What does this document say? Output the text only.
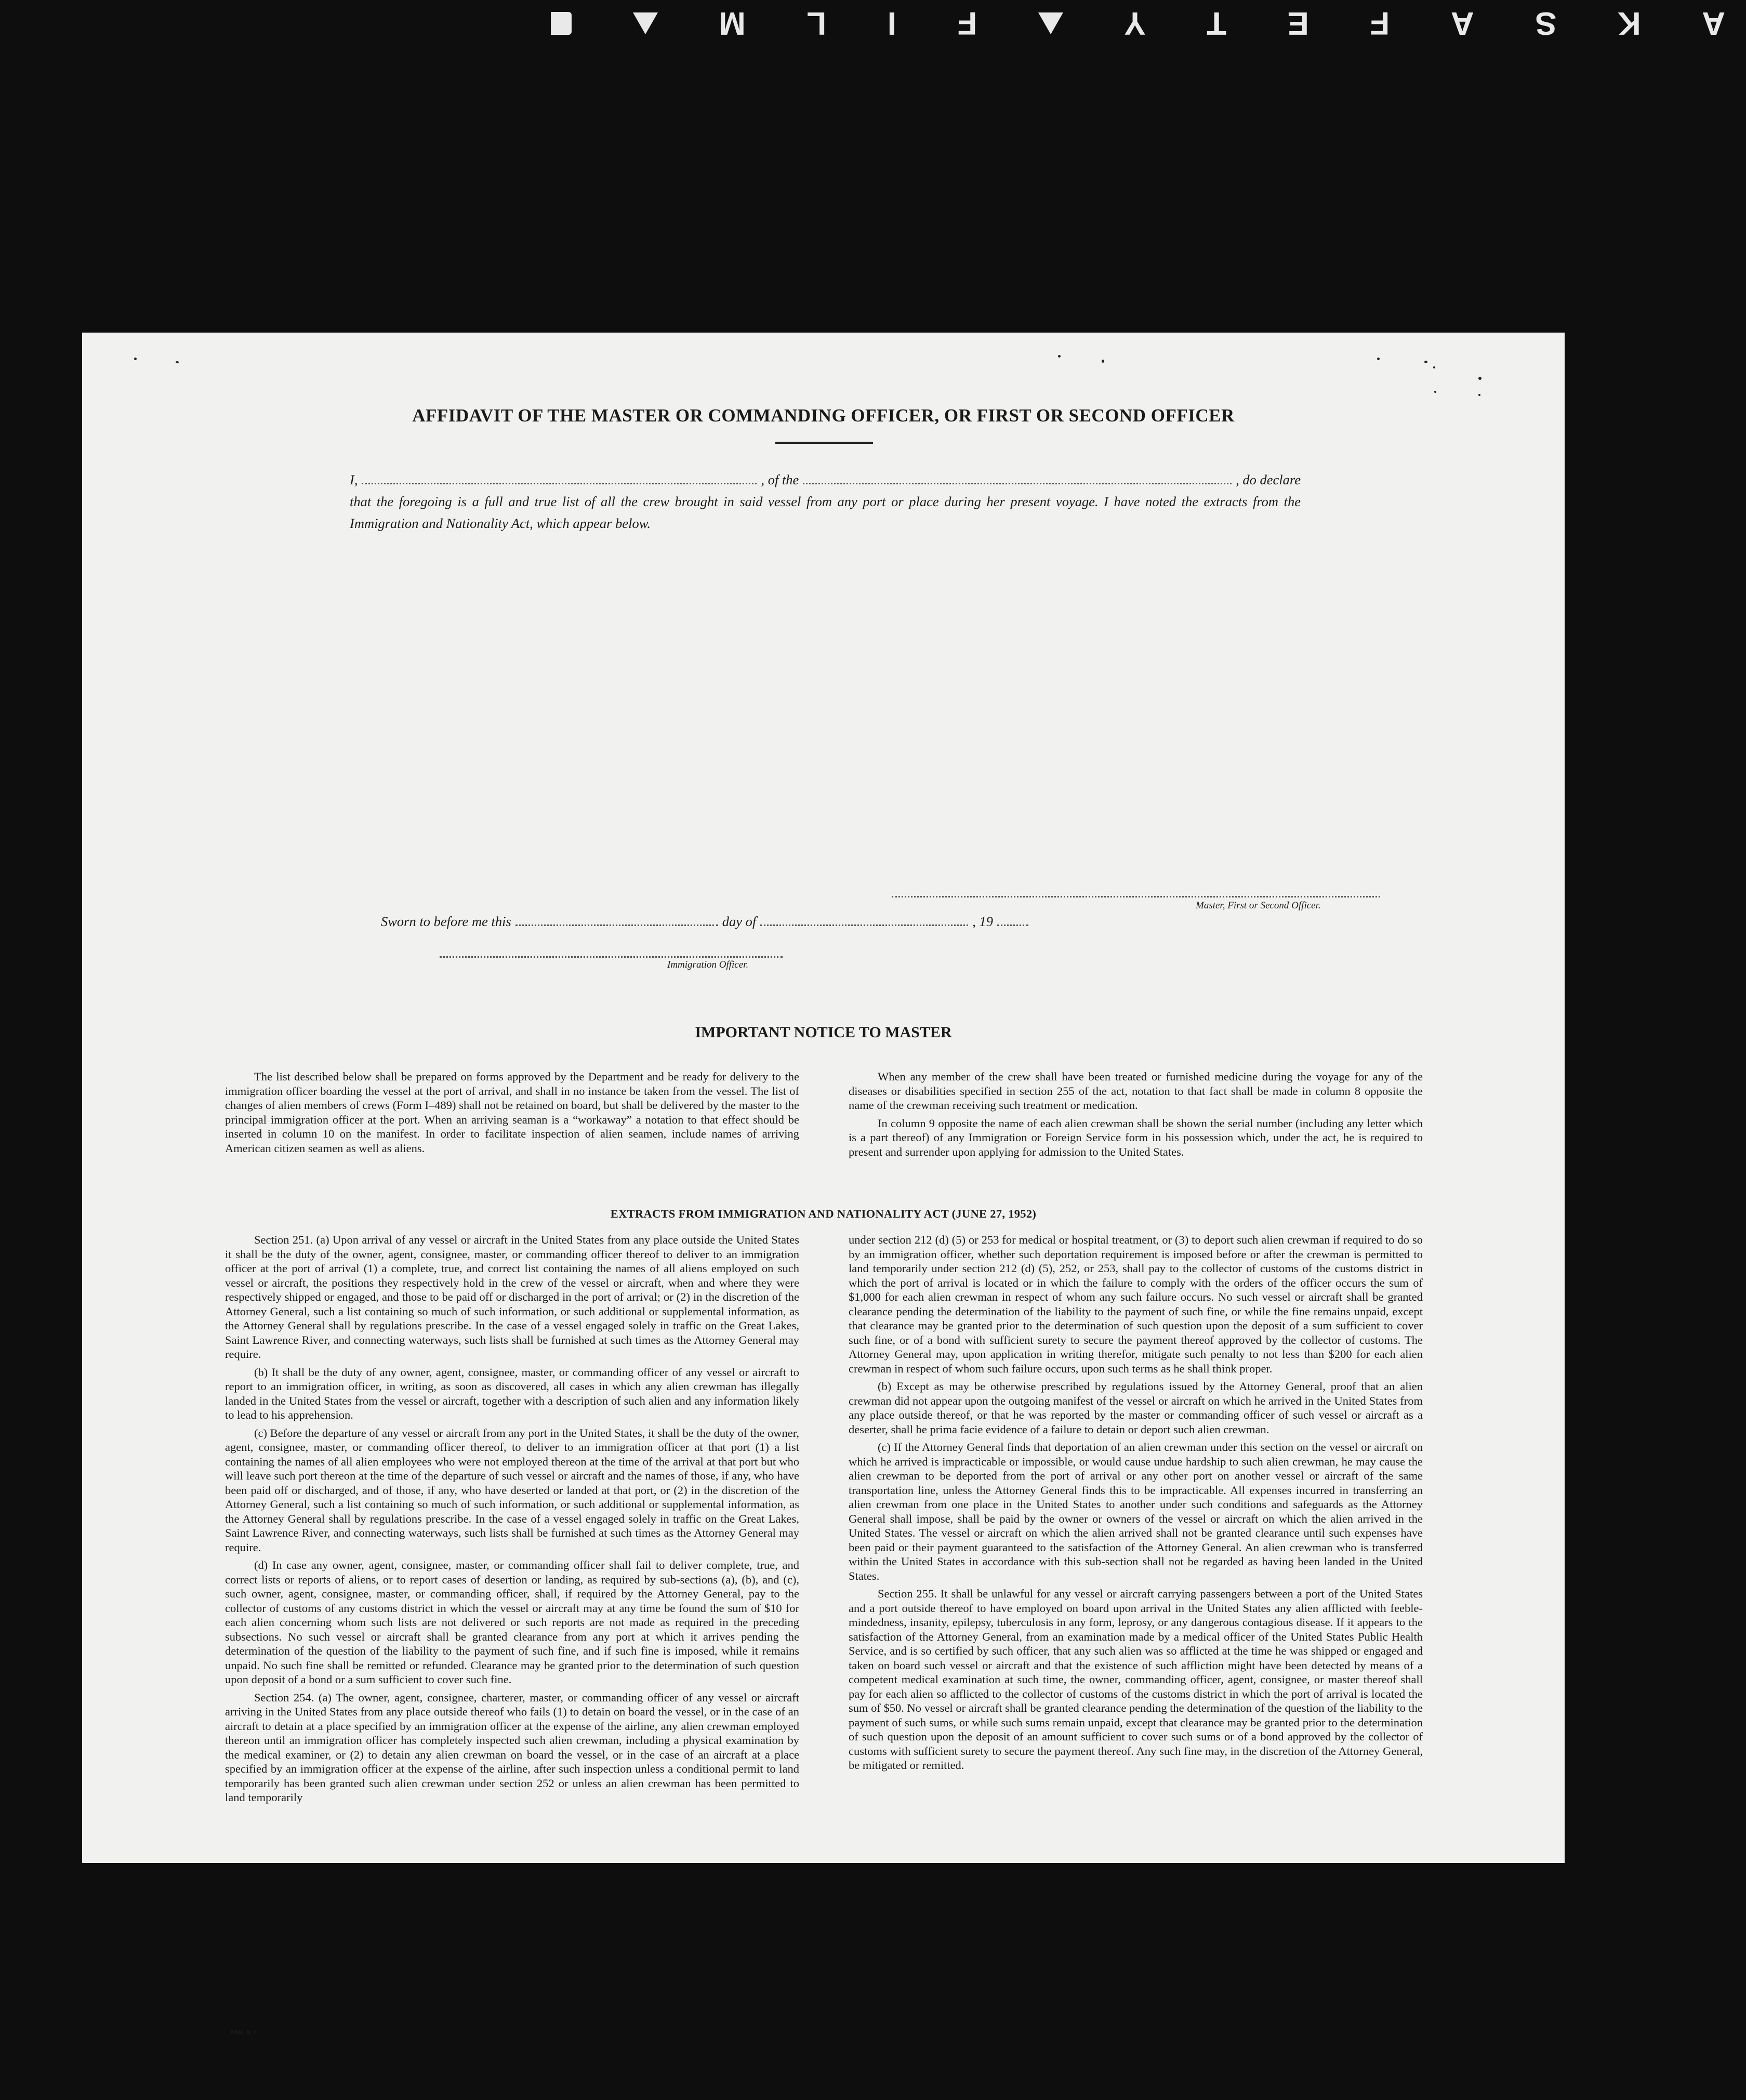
A
K
S
A
F
E
T
Y
F
I
L
M
AFFIDAVIT OF THE MASTER OR COMMANDING OFFICER, OR FIRST OR SECOND OFFICER
I,	, of the	, do declare
that the foregoing is a full and true list of all the crew brought in said vessel from any port or place during her present voyage. I have noted the extracts from the Immigration and Nationality Act, which appear below.
Master, First or Second Officer.
Sworn to before me this	day of	, 19
Immigration Officer.
IMPORTANT NOTICE TO MASTER

The list described below shall be prepared on forms approved by the Department and be ready for delivery to the immigration officer boarding the vessel at the port of arrival, and shall in no instance be taken from the vessel. The list of changes of alien members of crews (Form I–489) shall not be retained on board, but shall be delivered by the master to the principal immigration officer at the port. When an arriving seaman is a “workaway” a notation to that effect should be inserted in column 10 on the manifest. In order to facilitate inspection of alien seamen, include names of arriving American citizen seamen as well as aliens.

When any member of the crew shall have been treated or furnished medicine during the voyage for any of the diseases or disabilities specified in section 255 of the act, notation to that fact shall be made in column 8 opposite the name of the crewman receiving such treatment or medication.

In column 9 opposite the name of each alien crewman shall be shown the serial number (including any letter which is a part thereof) of any Immigration or Foreign Service form in his possession which, under the act, he is required to present and surrender upon applying for admission to the United States.

EXTRACTS FROM IMMIGRATION AND NATIONALITY ACT (JUNE 27, 1952)

Section 251. (a) Upon arrival of any vessel or aircraft in the United States from any place outside the United States it shall be the duty of the owner, agent, consignee, master, or commanding officer thereof to deliver to an immigration officer at the port of arrival (1) a complete, true, and correct list containing the names of all aliens employed on such vessel or aircraft, the positions they respectively hold in the crew of the vessel or aircraft, when and where they were respectively shipped or engaged, and those to be paid off or discharged in the port of arrival; or (2) in the discretion of the Attorney General, such a list containing so much of such information, or such additional or supplemental information, as the Attorney General shall by regulations prescribe. In the case of a vessel engaged solely in traffic on the Great Lakes, Saint Lawrence River, and connecting waterways, such lists shall be furnished at such times as the Attorney General may require.

(b) It shall be the duty of any owner, agent, consignee, master, or commanding officer of any vessel or aircraft to report to an immigration officer, in writing, as soon as discovered, all cases in which any alien crewman has illegally landed in the United States from the vessel or aircraft, together with a description of such alien and any information likely to lead to his apprehension.

(c) Before the departure of any vessel or aircraft from any port in the United States, it shall be the duty of the owner, agent, consignee, master, or commanding officer thereof, to deliver to an immigration officer at that port (1) a list containing the names of all alien employees who were not employed thereon at the time of the arrival at that port but who will leave such port thereon at the time of the departure of such vessel or aircraft and the names of those, if any, who have been paid off or discharged, and of those, if any, who have deserted or landed at that port, or (2) in the discretion of the Attorney General, such a list containing so much of such information, or such additional or supplemental information, as the Attorney General shall by regulations prescribe. In the case of a vessel engaged solely in traffic on the Great Lakes, Saint Lawrence River, and connecting waterways, such lists shall be furnished at such times as the Attorney General may require.

(d) In case any owner, agent, consignee, master, or commanding officer shall fail to deliver complete, true, and correct lists or reports of aliens, or to report cases of desertion or landing, as required by sub-sections (a), (b), and (c), such owner, agent, consignee, master, or commanding officer, shall, if required by the Attorney General, pay to the collector of customs of any customs district in which the vessel or aircraft may at any time be found the sum of $10 for each alien concerning whom such lists are not delivered or such reports are not made as required in the preceding subsections. No such vessel or aircraft shall be granted clearance from any port at which it arrives pending the determination of the question of the liability to the payment of such fine, and if such fine is imposed, while it remains unpaid. No such fine shall be remitted or refunded. Clearance may be granted prior to the determination of such question upon deposit of a bond or a sum sufficient to cover such fine.

Section 254. (a) The owner, agent, consignee, charterer, master, or commanding officer of any vessel or aircraft arriving in the United States from any place outside thereof who fails (1) to detain on board the vessel, or in the case of an aircraft to detain at a place specified by an immigration officer at the expense of the airline, any alien crewman employed thereon until an immigration officer has completely inspected such alien crewman, including a physical examination by the medical examiner, or (2) to detain any alien crewman on board the vessel, or in the case of an aircraft at a place specified by an immigration officer at the expense of the airline, after such inspection unless a conditional permit to land temporarily has been granted such alien crewman under section 252 or unless an alien crewman has been permitted to land temporarily

under section 212 (d) (5) or 253 for medical or hospital treatment, or (3) to deport such alien crewman if required to do so by an immigration officer, whether such deportation requirement is imposed before or after the crewman is permitted to land temporarily under section 212 (d) (5), 252, or 253, shall pay to the collector of customs of the customs district in which the port of arrival is located or in which the failure to comply with the orders of the officer occurs the sum of $1,000 for each alien crewman in respect of whom any such failure occurs. No such vessel or aircraft shall be granted clearance pending the determination of the liability to the payment of such fine, or while the fine remains unpaid, except that clearance may be granted prior to the determination of such question upon the deposit of a sum sufficient to cover such fine, or of a bond with sufficient surety to secure the payment thereof approved by the collector of customs. The Attorney General may, upon application in writing therefor, mitigate such penalty to not less than $200 for each alien crewman in respect of whom such failure occurs, upon such terms as he shall think proper.

(b) Except as may be otherwise prescribed by regulations issued by the Attorney General, proof that an alien crewman did not appear upon the outgoing manifest of the vessel or aircraft on which he arrived in the United States from any place outside thereof, or that he was reported by the master or commanding officer of such vessel or aircraft as a deserter, shall be prima facie evidence of a failure to detain or deport such alien crewman.

(c) If the Attorney General finds that deportation of an alien crewman under this section on the vessel or aircraft on which he arrived is impracticable or impossible, or would cause undue hardship to such alien crewman, he may cause the alien crewman to be deported from the port of arrival or any other port on another vessel or aircraft of the same transportation line, unless the Attorney General finds this to be impracticable. All expenses incurred in transferring an alien crewman from one place in the United States to another under such conditions and safeguards as the Attorney General shall impose, shall be paid by the owner or owners of the vessel or aircraft on which the alien arrived in the United States. The vessel or aircraft on which the alien arrived shall not be granted clearance until such expenses have been paid or their payment guaranteed to the satisfaction of the Attorney General. An alien crewman who is transferred within the United States in accordance with this sub-section shall not be regarded as having been landed in the United States.

Section 255. It shall be unlawful for any vessel or aircraft carrying passengers between a port of the United States and a port outside thereof to have employed on board upon arrival in the United States any alien afflicted with feeble-mindedness, insanity, epilepsy, tuberculosis in any form, leprosy, or any dangerous contagious disease. If it appears to the satisfaction of the Attorney General, from an examination made by a medical officer of the United States Public Health Service, and is so certified by such officer, that any such alien was so afflicted at the time he was shipped or engaged and taken on board such vessel or aircraft and that the existence of such affliction might have been detected by means of a competent medical examination at such time, the owner, commanding officer, agent, consignee, or master thereof shall pay for each alien so afflicted to the collector of customs of the customs district in which the port of arrival is located the sum of $50. No vessel or aircraft shall be granted clearance pending the determination of the question of the liability to the payment of such sums, or while such sums remain unpaid, except that clearance may be granted prior to the determination of such question upon the deposit of an amount sufficient to cover such sums or of a bond approved by the collector of customs with sufficient surety to secure the payment thereof. Any such fine may, in the discretion of the Attorney General, be mitigated or remitted.

PAR. N.Y.
